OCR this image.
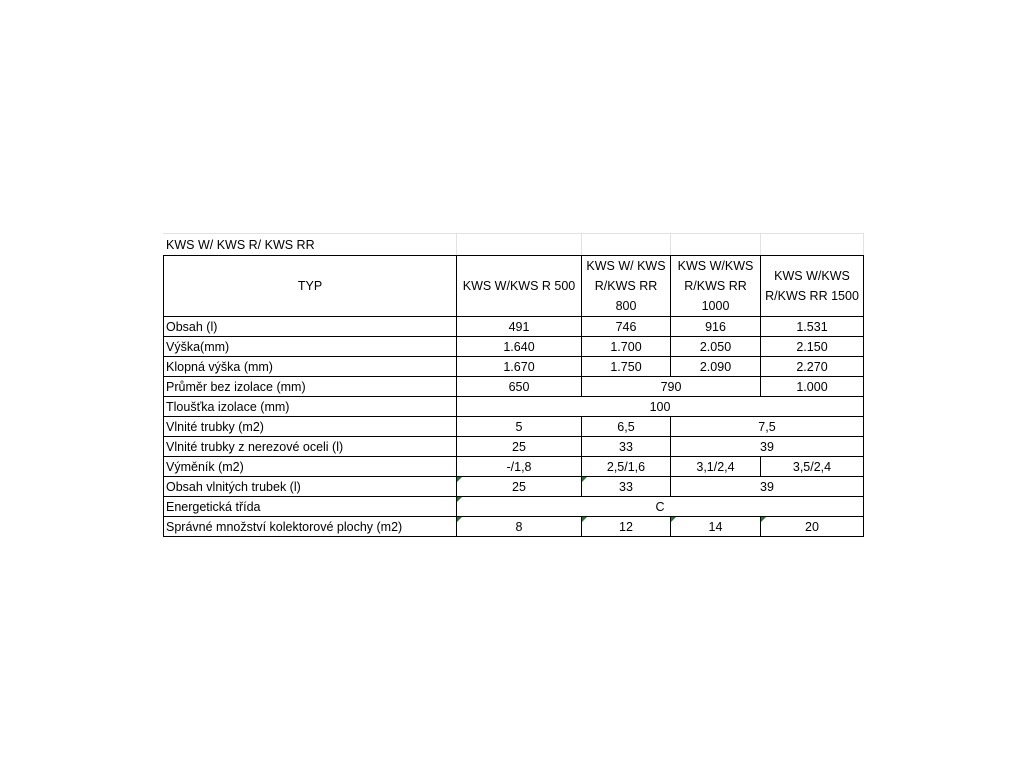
KWS W/ KWS R/ KWS RR
TYP	KWS W/KWS R 500	KWS W/ KWS R/KWS RR 800	KWS W/KWS R/KWS RR 1000	KWS W/KWS R/KWS RR 1500
Obsah (l)	491	746	916	1.531
Výška(mm)	1.640	1.700	2.050	2.150
Klopná výška (mm)	1.670	1.750	2.090	2.270
Průměr bez izolace (mm)	650	790		1.000
Tloušťka izolace (mm)	100			
Vlnité trubky (m2)	5	6,5	7,5	
Vlnité trubky z nerezové oceli (l)	25	33	39	
Výměník (m2)	-/1,8	2,5/1,6	3,1/2,4	3,5/2,4
Obsah vlnitých trubek (l)	25	33	39	
Energetická třída	C			
Správné množství kolektorové plochy (m2)	8	12	14	20
